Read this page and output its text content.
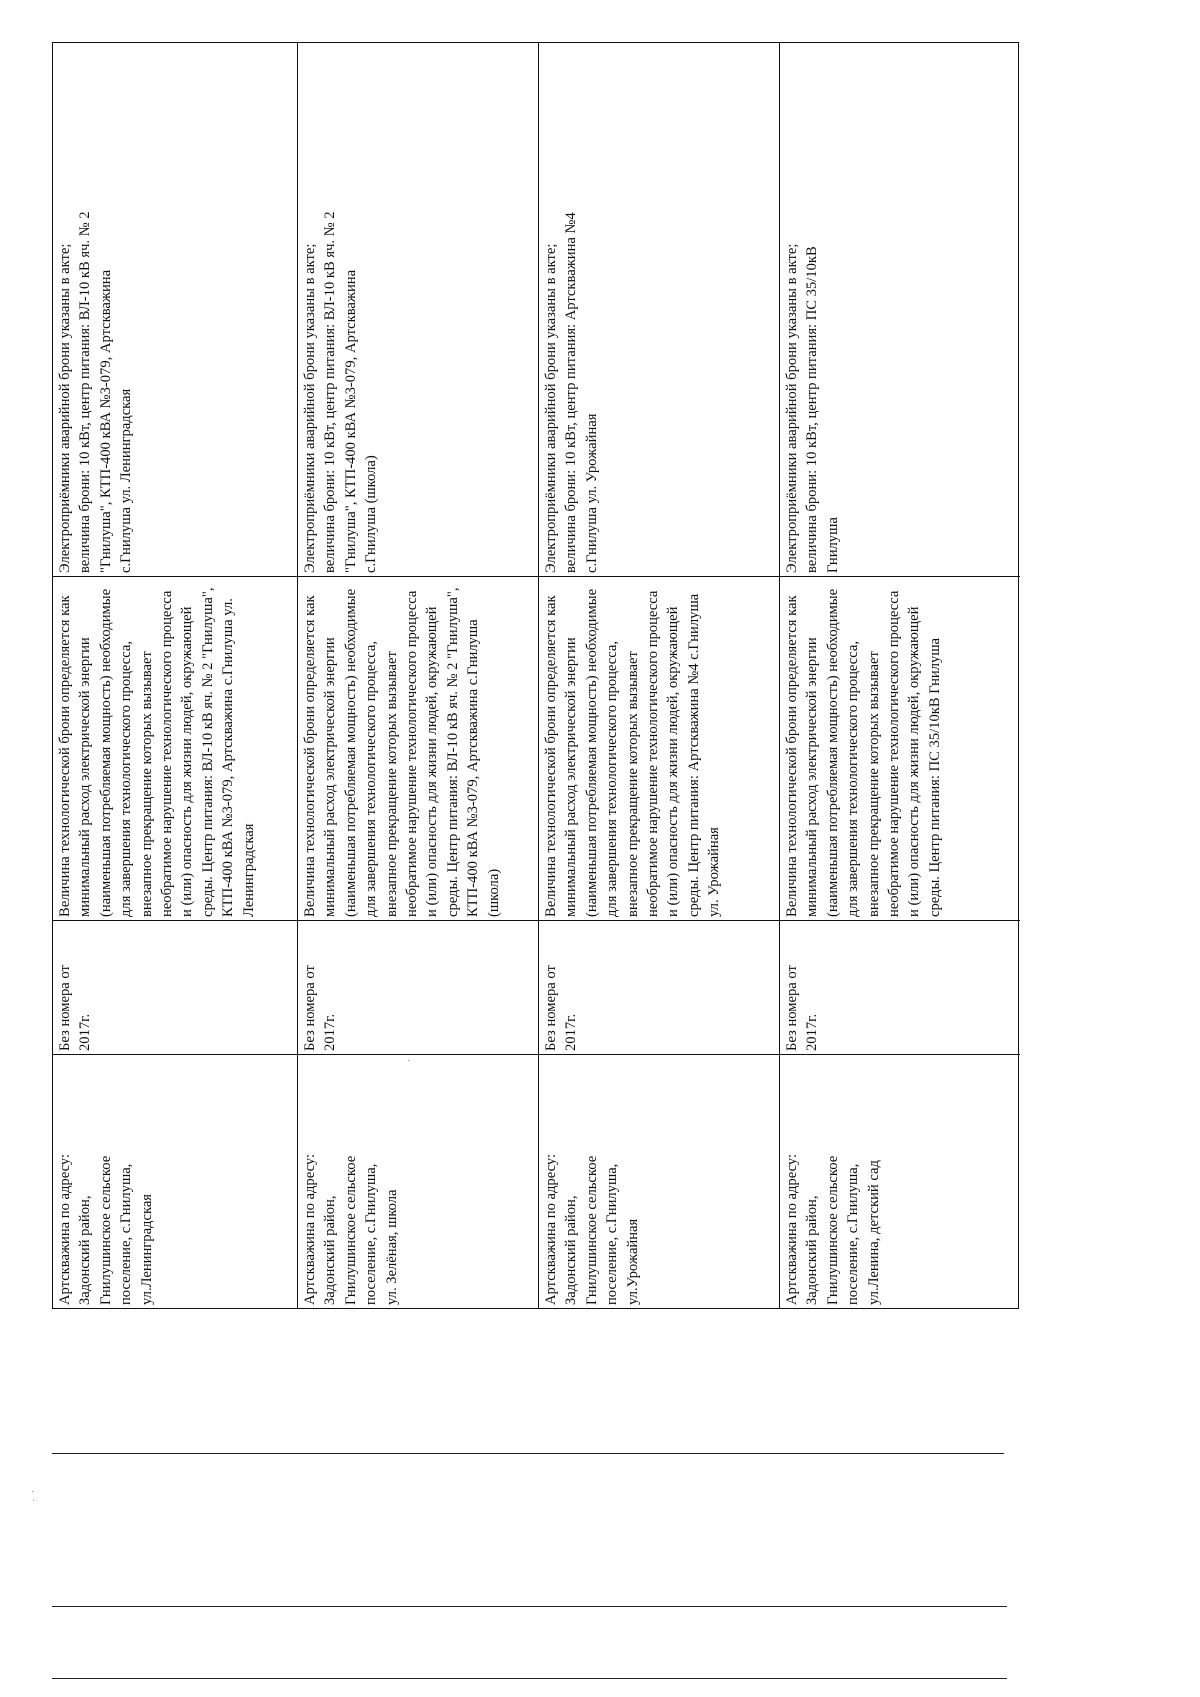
Артскважина по адресу: Задонский район, Гнилушинское сельское поселение, с.Гнилуша, ул.Ленинградская
Без номера от 2017г.
Величина технологической брони определяется как минимальный расход электрической энергии (наименьшая потребляемая мощность) необходимые для завершения технологического процесса, внезапное прекращение которых вызывает необратимое нарушение технологического процесса и (или) опасность для жизни людей, окружающей среды. Центр питания: ВЛ-10 кВ яч. № 2 "Гнилуша", КТП-400 кВА №3-079, Артскважина с.Гнилуша ул. Ленинградская
Электроприёмники аварийной брони указаны в акте; величина брони: 10 кВт, центр питания: ВЛ-10 кВ яч. № 2 "Гнилуша", КТП-400 кВА №3-079, Артскважина с.Гнилуша ул. Ленинградская
Артскважина по адресу: Задонский район, Гнилушинское сельское поселение, с.Гнилуша, ул. Зелёная, школа
Без номера от 2017г.
Величина технологической брони определяется как минимальный расход электрической энергии (наименьшая потребляемая мощность) необходимые для завершения технологического процесса, внезапное прекращение которых вызывает необратимое нарушение технологического процесса и (или) опасность для жизни людей, окружающей среды. Центр питания: ВЛ-10 кВ яч. № 2 "Гнилуша", КТП-400 кВА №3-079, Артскважина с.Гнилуша (школа)
Электроприёмники аварийной брони указаны в акте; величина брони: 10 кВт, центр питания: ВЛ-10 кВ яч. № 2 "Гнилуша", КТП-400 кВА №3-079, Артскважина с.Гнилуша (школа)
Артскважина по адресу: Задонский район, Гнилушинское сельское поселение, с.Гнилуша, ул.Урожайная
Без номера от 2017г.
Величина технологической брони определяется как минимальный расход электрической энергии (наименьшая потребляемая мощность) необходимые для завершения технологического процесса, внезапное прекращение которых вызывает необратимое нарушение технологического процесса и (или) опасность для жизни людей, окружающей среды. Центр питания: Артскважина №4 с.Гнилуша ул. Урожайная
Электроприёмники аварийной брони указаны в акте; величина брони: 10 кВт, центр питания: Артскважина №4 с.Гнилуша ул. Урожайная
Артскважина по адресу: Задонский район, Гнилушинское сельское поселение, с.Гнилуша, ул.Ленина, детский сад
Без номера от 2017г.
Величина технологической брони определяется как минимальный расход электрической энергии (наименьшая потребляемая мощность) необходимые для завершения технологического процесса, внезапное прекращение которых вызывает необратимое нарушение технологического процесса и (или) опасность для жизни людей, окружающей среды. Центр питания: ПС 35/10кВ Гнилуша
Электроприёмники аварийной брони указаны в акте; величина брони: 10 кВт, центр питания: ПС 35/10кВ Гнилуша
